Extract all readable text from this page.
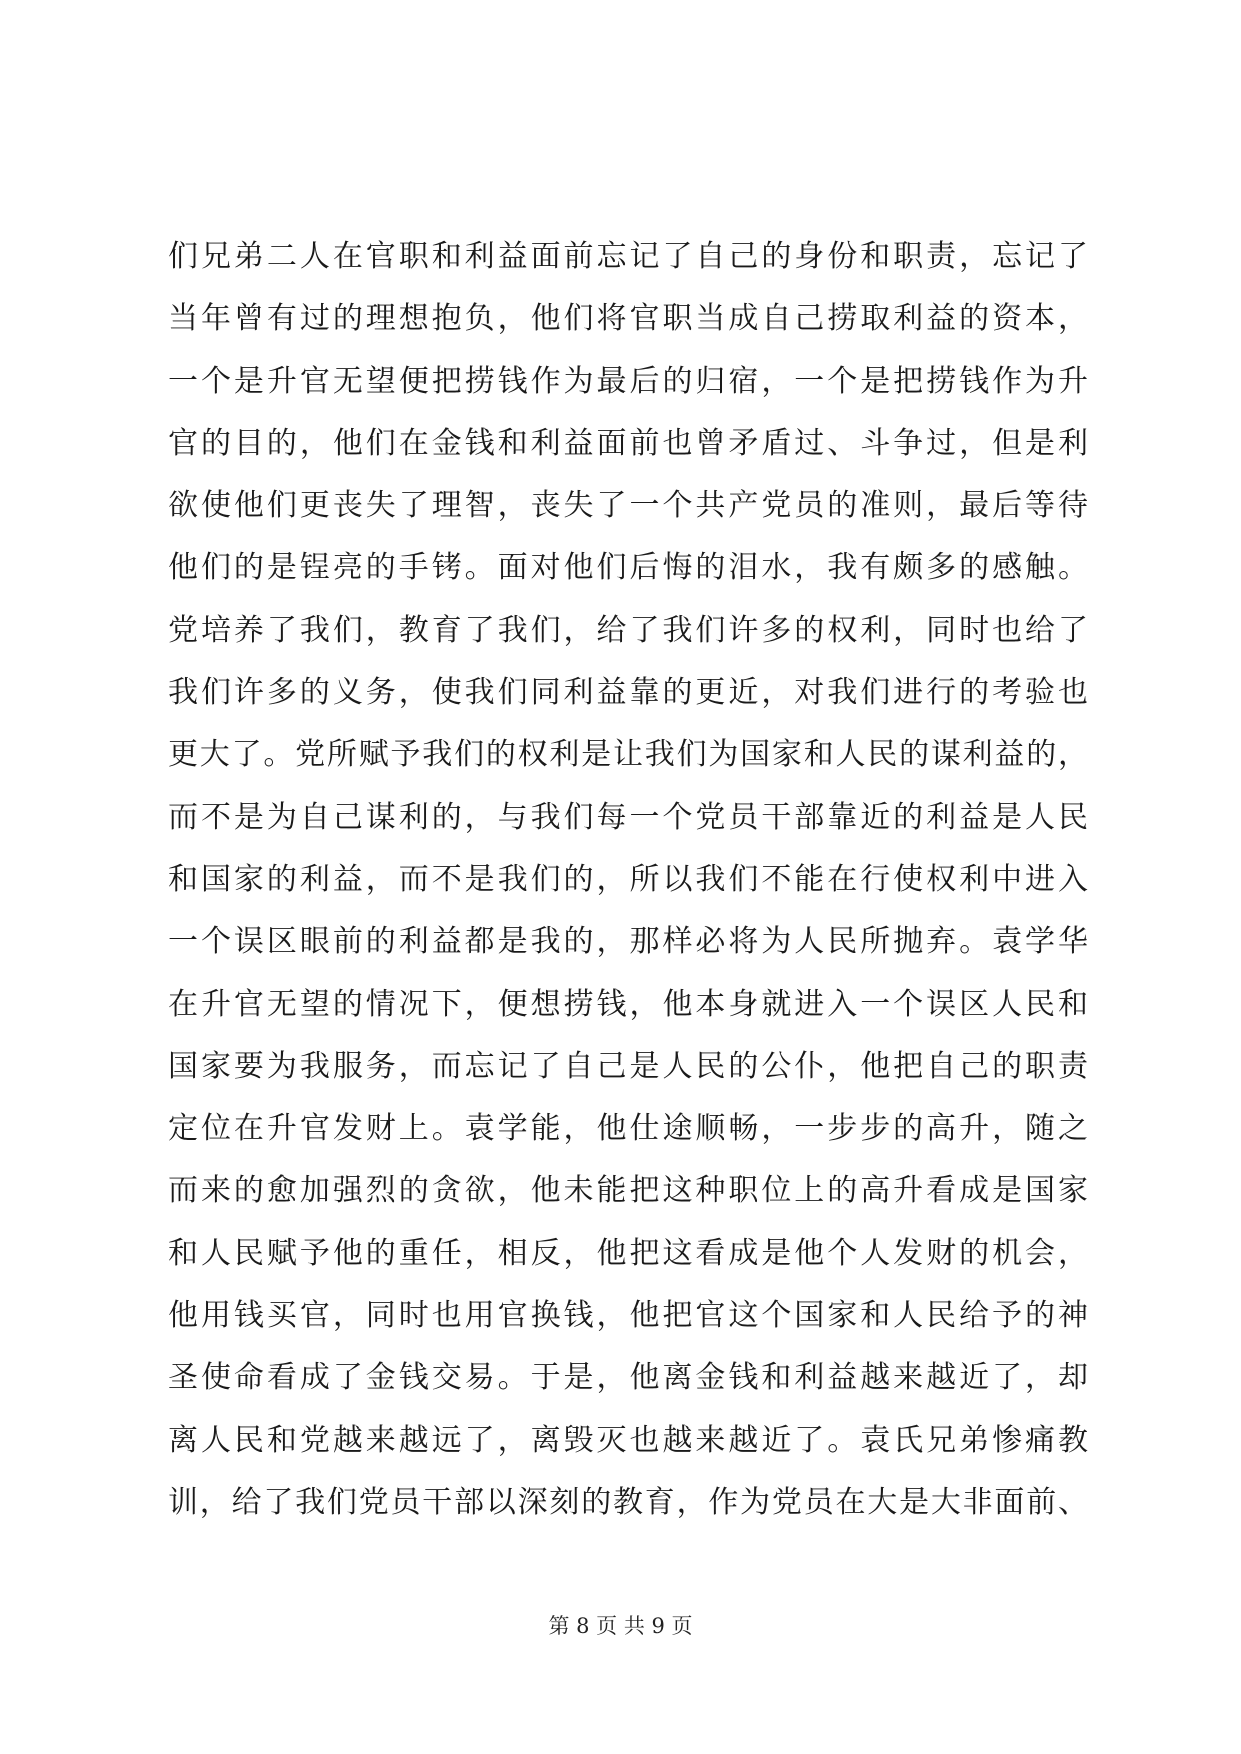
们兄弟二人在官职和利益面前忘记了自己的身份和职责，忘记了
当年曾有过的理想抱负，他们将官职当成自己捞取利益的资本，
一个是升官无望便把捞钱作为最后的归宿，一个是把捞钱作为升
官的目的，他们在金钱和利益面前也曾矛盾过、斗争过，但是利
欲使他们更丧失了理智，丧失了一个共产党员的准则，最后等待
他们的是锃亮的手铐。面对他们后悔的泪水，我有颇多的感触。
党培养了我们，教育了我们，给了我们许多的权利，同时也给了
我们许多的义务，使我们同利益靠的更近，对我们进行的考验也
更大了。党所赋予我们的权利是让我们为国家和人民的谋利益的，
而不是为自己谋利的，与我们每一个党员干部靠近的利益是人民
和国家的利益，而不是我们的，所以我们不能在行使权利中进入
一个误区眼前的利益都是我的，那样必将为人民所抛弃。袁学华
在升官无望的情况下，便想捞钱，他本身就进入一个误区人民和
国家要为我服务，而忘记了自己是人民的公仆，他把自己的职责
定位在升官发财上。袁学能，他仕途顺畅，一步步的高升，随之
而来的愈加强烈的贪欲，他未能把这种职位上的高升看成是国家
和人民赋予他的重任，相反，他把这看成是他个人发财的机会，
他用钱买官，同时也用官换钱，他把官这个国家和人民给予的神
圣使命看成了金钱交易。于是，他离金钱和利益越来越近了，却
离人民和党越来越远了，离毁灭也越来越近了。袁氏兄弟惨痛教
训，给了我们党员干部以深刻的教育，作为党员在大是大非面前、
第 8 页 共 9 页
